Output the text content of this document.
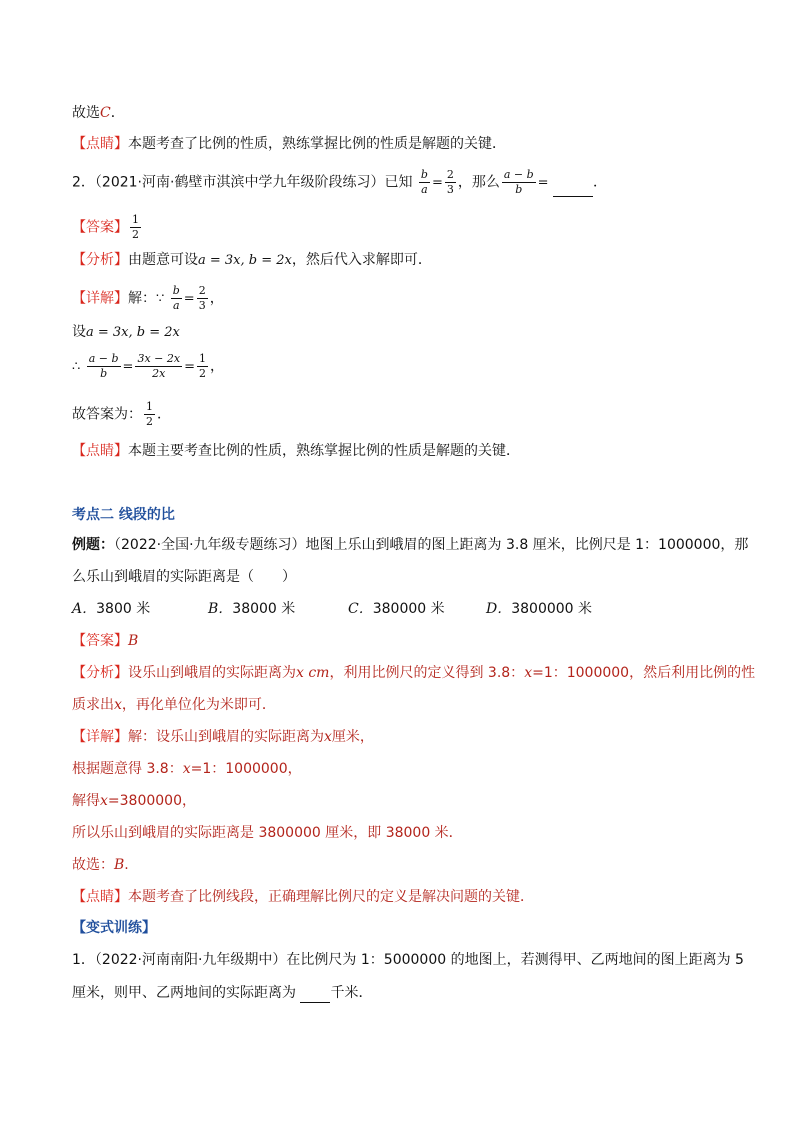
故选C．
【点睛】本题考查了比例的性质，熟练掌握比例的性质是解题的关键．
2．（2021·河南·鹤壁市淇滨中学九年级阶段练习）已知 $\frac{b}{a} = \frac{2}{3}$ ，那么 $\frac{a - b}{b}$ =	．
【答案】 $\frac{1}{2}$
【分析】由题意可设a = 3x, b = 2x，然后代入求解即可．
【详解】解：∵ $\frac{b}{a} = \frac{2}{3}$ ，
设a = 3x, b = 2x
∴ $\frac{a - b}{b} = \frac{3x - 2x}{2x} = \frac{1}{2}$ ，
故答案为： $\frac{1}{2}$ ．
【点睛】本题主要考查比例的性质，熟练掌握比例的性质是解题的关键．
考点二 线段的比
例题：（2022·全国·九年级专题练习）地图上乐山到峨眉的图上距离为 3.8 厘米，比例尺是 1：1000000，那
么乐山到峨眉的实际距离是（　　）
A．3800 米	B．38000 米	C．380000 米	D．3800000 米
【答案】B
【分析】设乐山到峨眉的实际距离为x cm，利用比例尺的定义得到 3.8：x=1：1000000，然后利用比例的性
质求出x，再化单位化为米即可．
【详解】解：设乐山到峨眉的实际距离为x厘米，
根据题意得 3.8：x=1：1000000，
解得x=3800000，
所以乐山到峨眉的实际距离是 3800000 厘米，即 38000 米．
故选：B.
【点睛】本题考查了比例线段，正确理解比例尺的定义是解决问题的关键．
【变式训练】
1．（2022·河南南阳·九年级期中）在比例尺为 1：5000000 的地图上，若测得甲、乙两地间的图上距离为 5
厘米，则甲、乙两地间的实际距离为 千米．
